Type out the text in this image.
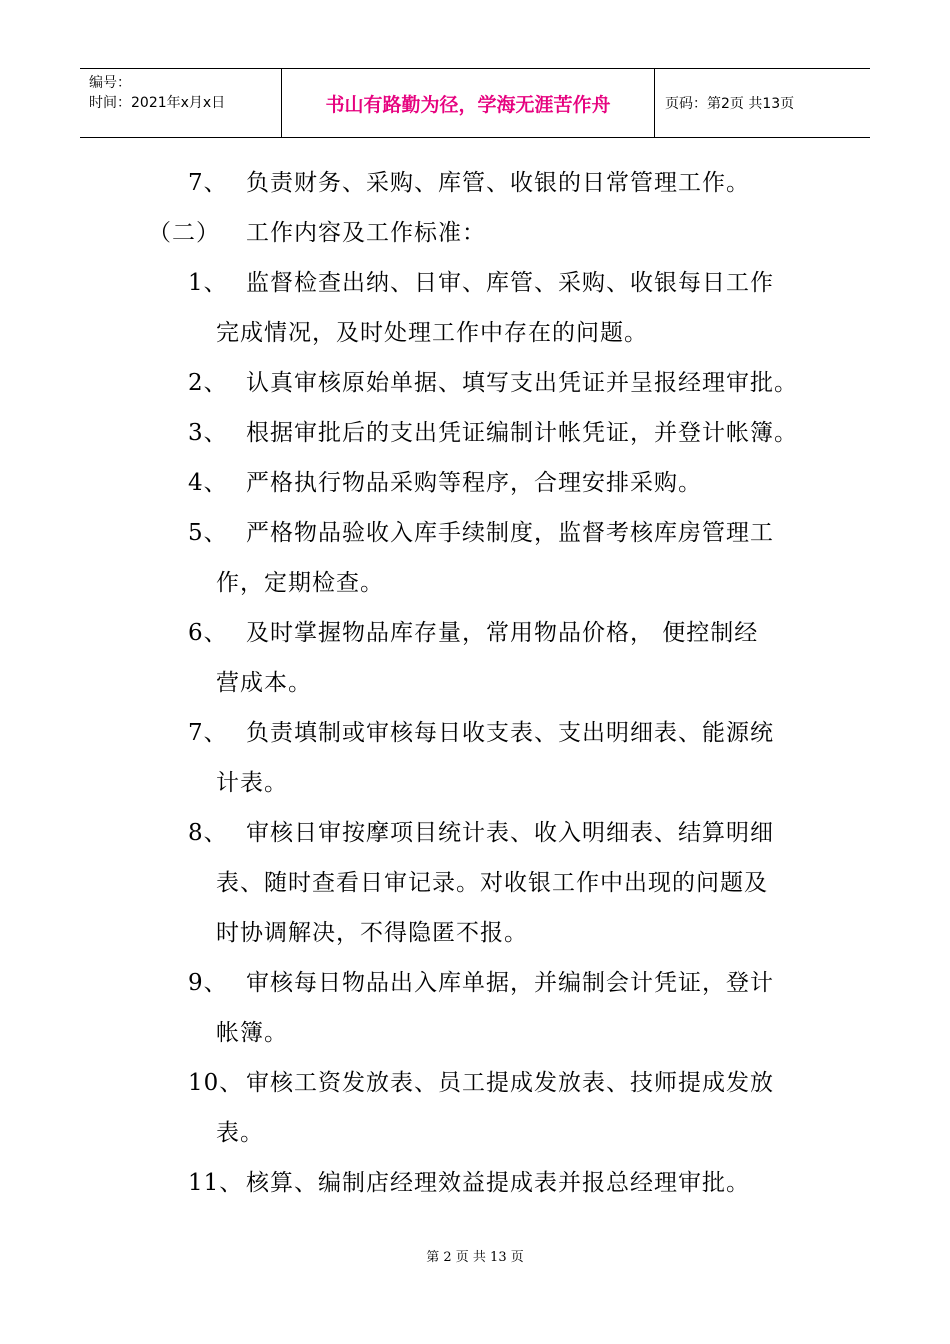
编号：
时间：2021年x月x日	书山有路勤为径，学海无涯苦作舟	页码：第2页 共13页
7、 负责财务、采购、库管、收银的日常管理工作。
（二） 工作内容及工作标准：
1、 监督检查出纳、日审、库管、采购、收银每日工作
完成情况，及时处理工作中存在的问题。
2、 认真审核原始单据、填写支出凭证并呈报经理审批。
3、 根据审批后的支出凭证编制计帐凭证，并登计帐簿。
4、 严格执行物品采购等程序，合理安排采购。
5、 严格物品验收入库手续制度，监督考核库房管理工
作，定期检查。
6、 及时掌握物品库存量，常用物品价格， 便控制经
营成本。
7、 负责填制或审核每日收支表、支出明细表、能源统
计表。
8、 审核日审按摩项目统计表、收入明细表、结算明细
表、随时查看日审记录。对收银工作中出现的问题及
时协调解决，不得隐匿不报。
9、 审核每日物品出入库单据，并编制会计凭证，登计
帐簿。
10、 审核工资发放表、员工提成发放表、技师提成发放
表。
11、 核算、编制店经理效益提成表并报总经理审批。
第 2 页 共 13 页
